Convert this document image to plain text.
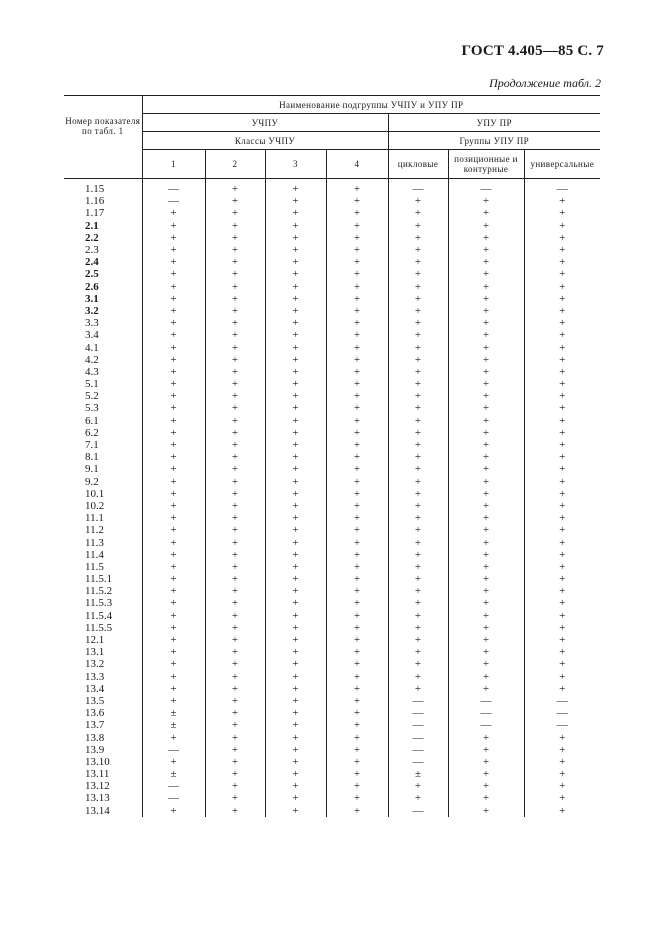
ГОСТ 4.405—85 С. 7
Продолжение табл. 2
Номер показателя по табл. 1	Наименование подгруппы УЧПУ и УПУ ПР						
	УЧПУ				УПУ ПР		
	Классы УЧПУ				Группы УПУ ПР		
	1	2	3	4	цикловые	позиционные и контурные	универсальные
1.15	—	+	+	+	—	—	—
1.16	—	+	+	+	+	+	+
1.17	+	+	+	+	+	+	+
2.1	+	+	+	+	+	+	+
2.2	+	+	+	+	+	+	+
2.3	+	+	+	+	+	+	+
2.4	+	+	+	+	+	+	+
2.5	+	+	+	+	+	+	+
2.6	+	+	+	+	+	+	+
3.1	+	+	+	+	+	+	+
3.2	+	+	+	+	+	+	+
3.3	+	+	+	+	+	+	+
3.4	+	+	+	+	+	+	+
4.1	+	+	+	+	+	+	+
4.2	+	+	+	+	+	+	+
4.3	+	+	+	+	+	+	+
5.1	+	+	+	+	+	+	+
5.2	+	+	+	+	+	+	+
5.3	+	+	+	+	+	+	+
6.1	+	+	+	+	+	+	+
6.2	+	+	+	+	+	+	+
7.1	+	+	+	+	+	+	+
8.1	+	+	+	+	+	+	+
9.1	+	+	+	+	+	+	+
9.2	+	+	+	+	+	+	+
10.1	+	+	+	+	+	+	+
10.2	+	+	+	+	+	+	+
11.1	+	+	+	+	+	+	+
11.2	+	+	+	+	+	+	+
11.3	+	+	+	+	+	+	+
11.4	+	+	+	+	+	+	+
11.5	+	+	+	+	+	+	+
11.5.1	+	+	+	+	+	+	+
11.5.2	+	+	+	+	+	+	+
11.5.3	+	+	+	+	+	+	+
11.5.4	+	+	+	+	+	+	+
11.5.5	+	+	+	+	+	+	+
12.1	+	+	+	+	+	+	+
13.1	+	+	+	+	+	+	+
13.2	+	+	+	+	+	+	+
13.3	+	+	+	+	+	+	+
13.4	+	+	+	+	+	+	+
13.5	+	+	+	+	—	—	—
13.6	±	+	+	+	—	—	—
13.7	±	+	+	+	—	—	—
13.8	+	+	+	+	—	+	+
13.9	—	+	+	+	—	+	+
13.10	+	+	+	+	—	+	+
13.11	±	+	+	+	±	+	+
13.12	—	+	+	+	+	+	+
13.13	—	+	+	+	+	+	+
13.14	+	+	+	+	—	+	+
